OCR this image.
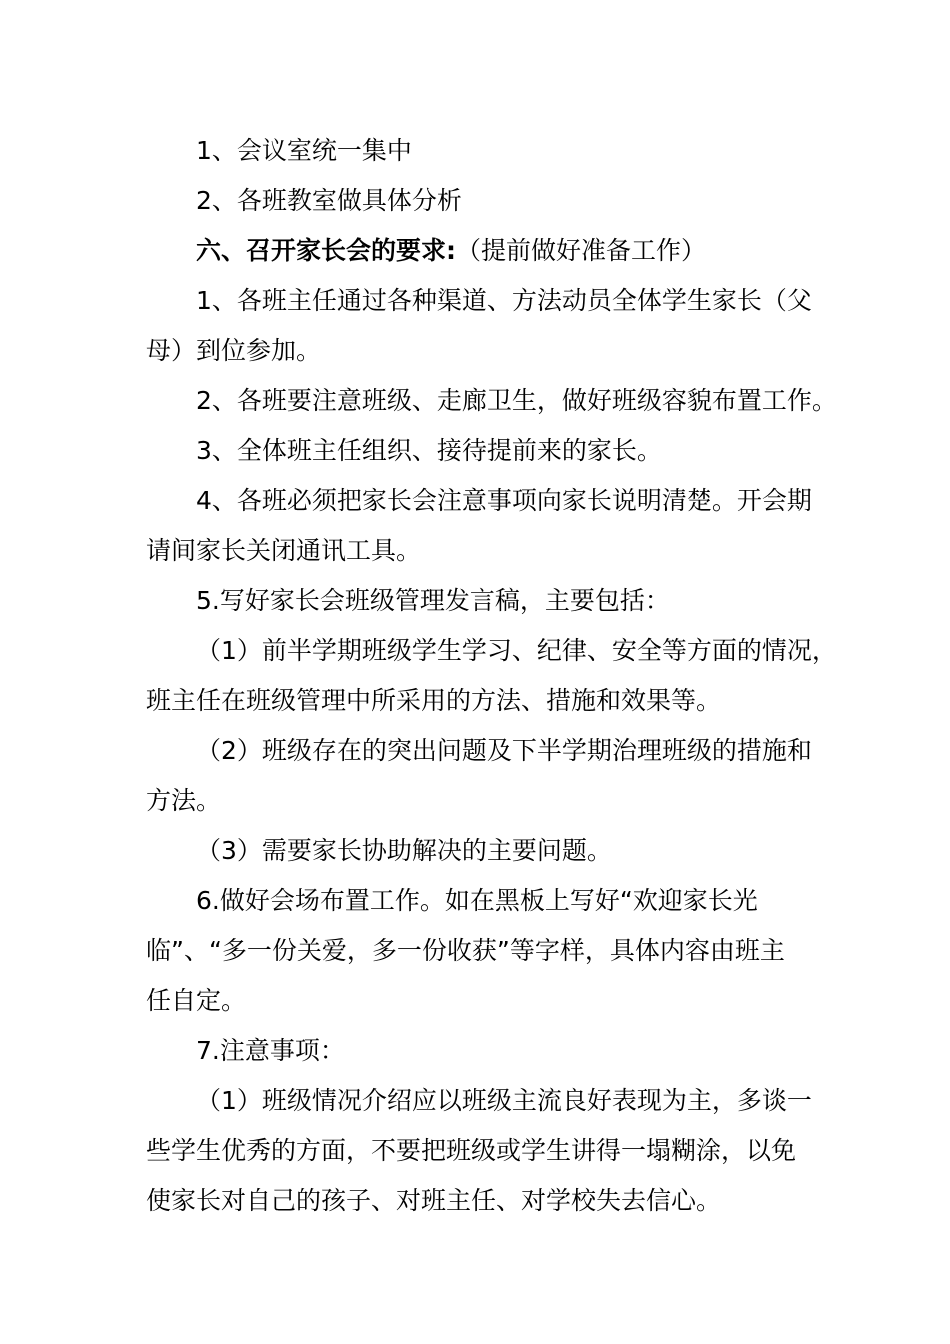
1、会议室统一集中

2、各班教室做具体分析

六、召开家长会的要求:（提前做好准备工作）

1、各班主任通过各种渠道、方法动员全体学生家长（父
母）到位参加。

2、各班要注意班级、走廊卫生，做好班级容貌布置工作。

3、全体班主任组织、接待提前来的家长。

4、各班必须把家长会注意事项向家长说明清楚。开会期
请间家长关闭通讯工具。

5.写好家长会班级管理发言稿，主要包括：

（1）前半学期班级学生学习、纪律、安全等方面的情况，
班主任在班级管理中所采用的方法、措施和效果等。

（2）班级存在的突出问题及下半学期治理班级的措施和
方法。

（3）需要家长协助解决的主要问题。

6.做好会场布置工作。如在黑板上写好“欢迎家长光
临”、“多一份关爱，多一份收获”等字样，具体内容由班主
任自定。

7.注意事项：

（1）班级情况介绍应以班级主流良好表现为主，多谈一
些学生优秀的方面，不要把班级或学生讲得一塌糊涂，以免
使家长对自己的孩子、对班主任、对学校失去信心。
